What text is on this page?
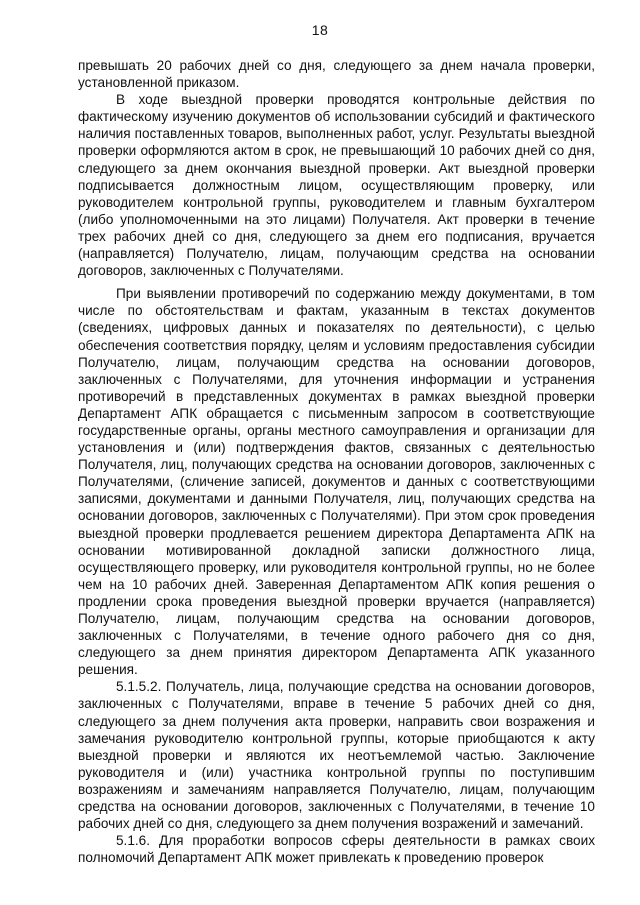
18

превышать 20 рабочих дней со дня, следующего за днем начала проверки, установленной приказом.

В ходе выездной проверки проводятся контрольные действия по фактическому изучению документов об использовании субсидий и фактического наличия поставленных товаров, выполненных работ, услуг. Результаты выездной проверки оформляются актом в срок, не превышающий 10 рабочих дней со дня, следующего за днем окончания выездной проверки. Акт выездной проверки подписывается должностным лицом, осуществляющим проверку, или руководителем контрольной группы, руководителем и главным бухгалтером (либо уполномоченными на это лицами) Получателя. Акт проверки в течение трех рабочих дней со дня, следующего за днем его подписания, вручается (направляется) Получателю, лицам, получающим средства на основании договоров, заключенных с Получателями.

При выявлении противоречий по содержанию между документами, в том числе по обстоятельствам и фактам, указанным в текстах документов (сведениях, цифровых данных и показателях по деятельности), с целью обеспечения соответствия порядку, целям и условиям предоставления субсидии Получателю, лицам, получающим средства на основании договоров, заключенных с Получателями, для уточнения информации и устранения противоречий в представленных документах в рамках выездной проверки Департамент АПК обращается с письменным запросом в соответствующие государственные органы, органы местного самоуправления и организации для установления и (или) подтверждения фактов, связанных с деятельностью Получателя, лиц, получающих средства на основании договоров, заключенных с Получателями, (сличение записей, документов и данных с соответствующими записями, документами и данными Получателя, лиц, получающих средства на основании договоров, заключенных с Получателями). При этом срок проведения выездной проверки продлевается решением директора Департамента АПК на основании мотивированной докладной записки должностного лица, осуществляющего проверку, или руководителя контрольной группы, но не более чем на 10 рабочих дней. Заверенная Департаментом АПК копия решения о продлении срока проведения выездной проверки вручается (направляется) Получателю, лицам, получающим средства на основании договоров, заключенных с Получателями, в течение одного рабочего дня со дня, следующего за днем принятия директором Департамента АПК указанного решения.

5.1.5.2. Получатель, лица, получающие средства на основании договоров, заключенных с Получателями, вправе в течение 5 рабочих дней со дня, следующего за днем получения акта проверки, направить свои возражения и замечания руководителю контрольной группы, которые приобщаются к акту выездной проверки и являются их неотъемлемой частью. Заключение руководителя и (или) участника контрольной группы по поступившим возражениям и замечаниям направляется Получателю, лицам, получающим средства на основании договоров, заключенных с Получателями, в течение 10 рабочих дней со дня, следующего за днем получения возражений и замечаний.

5.1.6. Для проработки вопросов сферы деятельности в рамках своих полномочий Департамент АПК может привлекать к проведению проверок
